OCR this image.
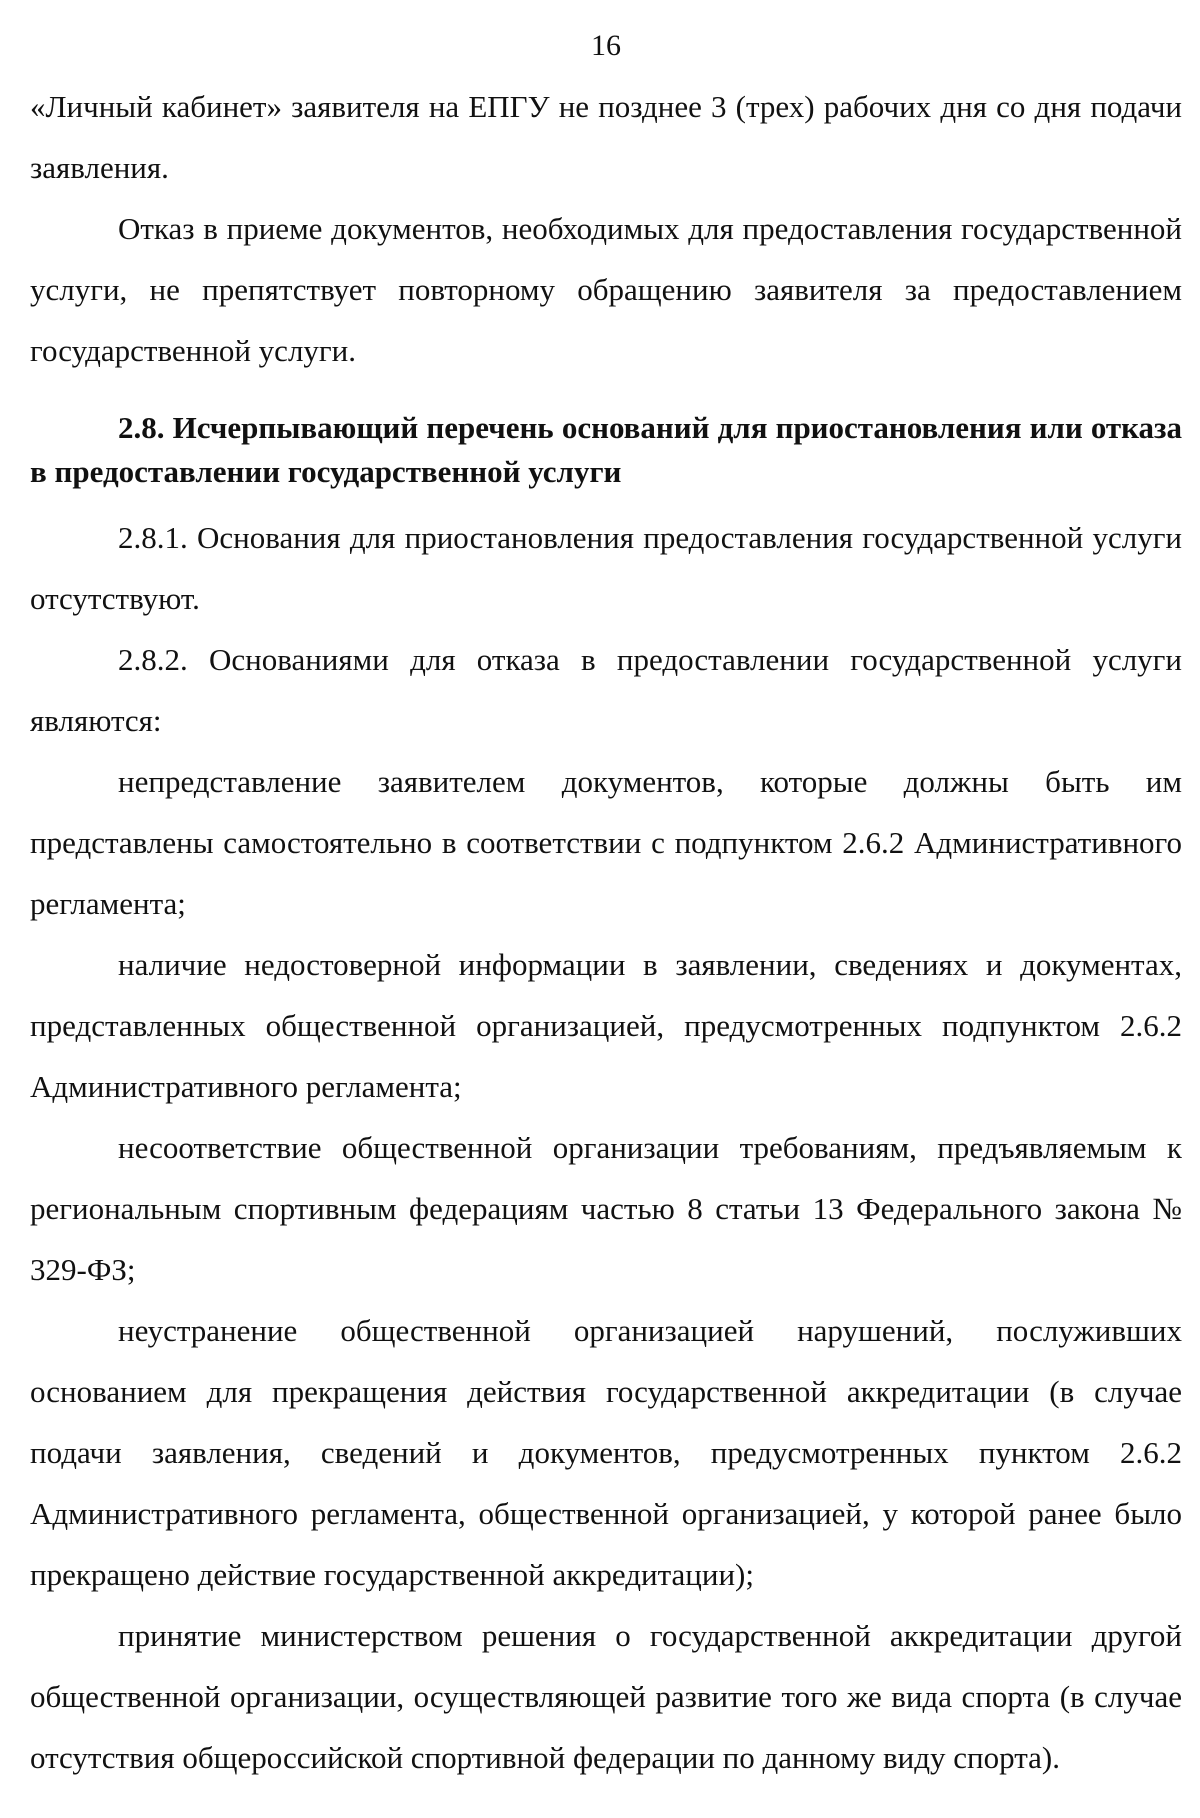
16

«Личный кабинет» заявителя на ЕПГУ не позднее 3 (трех) рабочих дня со дня подачи заявления.

Отказ в приеме документов, необходимых для предоставления государственной услуги, не препятствует повторному обращению заявителя за предоставлением государственной услуги.

2.8. Исчерпывающий перечень оснований для приостановления или отказа в предоставлении государственной услуги

2.8.1. Основания для приостановления предоставления государственной услуги отсутствуют.

2.8.2. Основаниями для отказа в предоставлении государственной услуги являются:

непредставление заявителем документов, которые должны быть им представлены самостоятельно в соответствии с подпунктом 2.6.2 Административного регламента;

наличие недостоверной информации в заявлении, сведениях и документах, представленных общественной организацией, предусмотренных подпунктом 2.6.2 Административного регламента;

несоответствие общественной организации требованиям, предъявляемым к региональным спортивным федерациям частью 8 статьи 13 Федерального закона № 329-ФЗ;

неустранение общественной организацией нарушений, послуживших основанием для прекращения действия государственной аккредитации (в случае подачи заявления, сведений и документов, предусмотренных пунктом 2.6.2 Административного регламента, общественной организацией, у которой ранее было прекращено действие государственной аккредитации);

принятие министерством решения о государственной аккредитации другой общественной организации, осуществляющей развитие того же вида спорта (в случае отсутствия общероссийской спортивной федерации по данному виду спорта).
